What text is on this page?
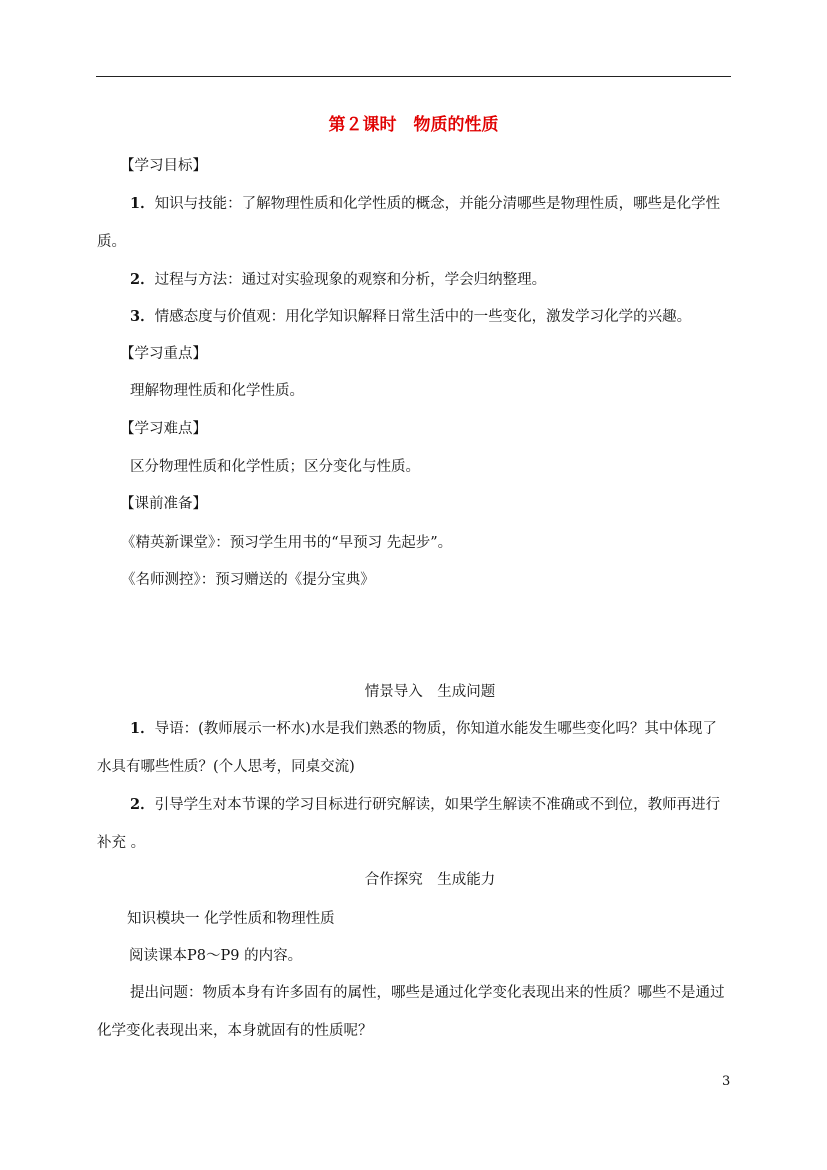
第２课时　物质的性质
【学习目标】
1．知识与技能：了解物理性质和化学性质的概念，并能分清哪些是物理性质，哪些是化学性
质。
2．过程与方法：通过对实验现象的观察和分析，学会归纳整理。
3．情感态度与价值观：用化学知识解释日常生活中的一些变化，激发学习化学的兴趣。
【学习重点】
理解物理性质和化学性质。
【学习难点】
区分物理性质和化学性质；区分变化与性质。
【课前准备】
《精英新课堂》：预习学生用书的“早预习 先起步”。
《名师测控》：预习赠送的《提分宝典》
情景导入　生成问题
1．导语：(教师展示一杯水)水是我们熟悉的物质，你知道水能发生哪些变化吗？其中体现了
水具有哪些性质？(个人思考，同桌交流)
2．引导学生对本节课的学习目标进行研究解读，如果学生解读不准确或不到位，教师再进行
补充 。
合作探究　生成能力
知识模块一 化学性质和物理性质
阅读课本P8～P9 的内容。
提出问题：物质本身有许多固有的属性，哪些是通过化学变化表现出来的性质？哪些不是通过
化学变化表现出来，本身就固有的性质呢？
3
